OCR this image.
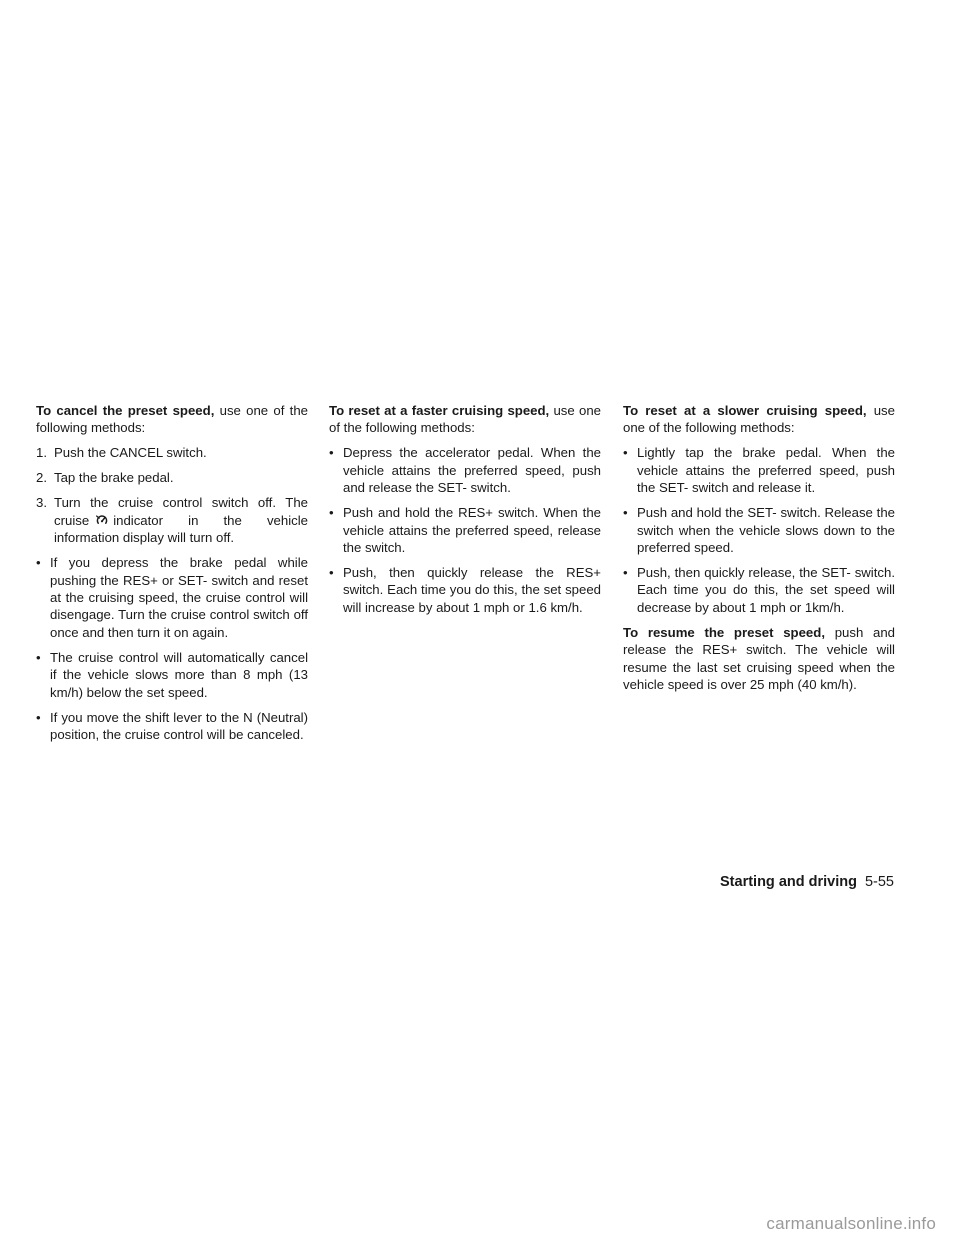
To cancel the preset speed, use one of the following methods:

1. Push the CANCEL switch.

2. Tap the brake pedal.

3. Turn the cruise control switch off. The cruise indicator in the vehicle information display will turn off.

• If you depress the brake pedal while pushing the RES+ or SET- switch and reset at the cruising speed, the cruise control will disengage. Turn the cruise control switch off once and then turn it on again.

• The cruise control will automatically cancel if the vehicle slows more than 8 mph (13 km/h) below the set speed.

• If you move the shift lever to the N (Neutral) position, the cruise control will be canceled.

To reset at a faster cruising speed, use one of the following methods:

• Depress the accelerator pedal. When the vehicle attains the preferred speed, push and release the SET- switch.

• Push and hold the RES+ switch. When the vehicle attains the preferred speed, release the switch.

• Push, then quickly release the RES+ switch. Each time you do this, the set speed will increase by about 1 mph or 1.6 km/h.

To reset at a slower cruising speed, use one of the following methods:

• Lightly tap the brake pedal. When the vehicle attains the preferred speed, push the SET- switch and release it.

• Push and hold the SET- switch. Release the switch when the vehicle slows down to the preferred speed.

• Push, then quickly release, the SET- switch. Each time you do this, the set speed will decrease by about 1 mph or 1km/h.

To resume the preset speed, push and release the RES+ switch. The vehicle will resume the last set cruising speed when the vehicle speed is over 25 mph (40 km/h).

Starting and driving 5-55
carmanualsonline.info
